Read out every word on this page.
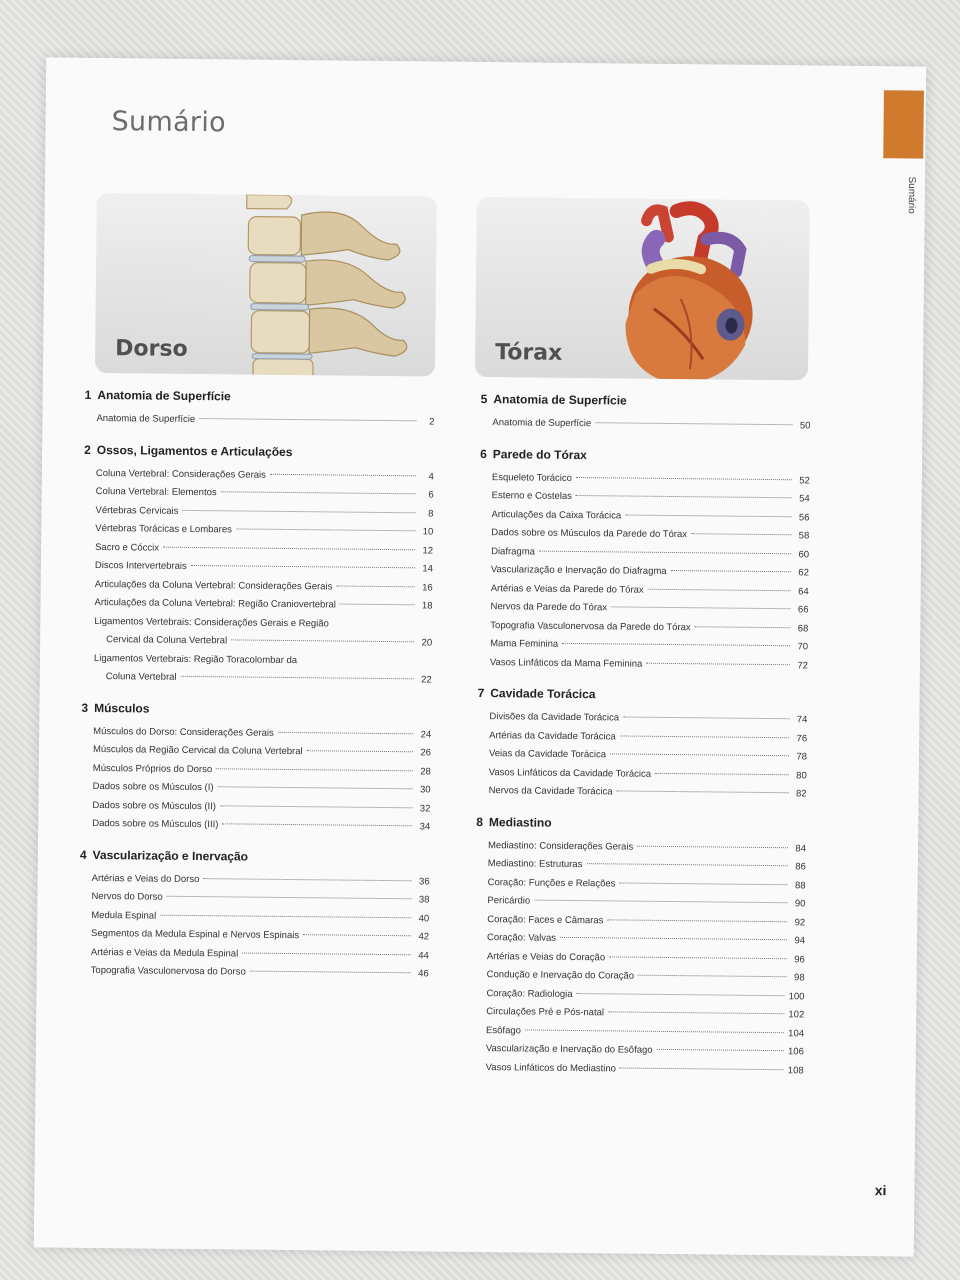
Sumário
Sumário
Dorso	Tórax
1 Anatomia de Superfície
Anatomia de Superfície	2
2 Ossos, Ligamentos e Articulações
Coluna Vertebral: Considerações Gerais	4
Coluna Vertebral: Elementos	6
Vértebras Cervicais	8
Vértebras Torácicas e Lombares	10
Sacro e Cóccix	12
Discos Intervertebrais	14
Articulações da Coluna Vertebral: Considerações Gerais	16
Articulações da Coluna Vertebral: Região Craniovertebral	18
Ligamentos Vertebrais: Considerações Gerais e Região
Cervical da Coluna Vertebral	20
Ligamentos Vertebrais: Região Toracolombar da
Coluna Vertebral	22
3 Músculos
Músculos do Dorso: Considerações Gerais	24
Músculos da Região Cervical da Coluna Vertebral	26
Músculos Próprios do Dorso	28
Dados sobre os Músculos (I)	30
Dados sobre os Músculos (II)	32
Dados sobre os Músculos (III)	34
4 Vascularização e Inervação
Artérias e Veias do Dorso	36
Nervos do Dorso	38
Medula Espinal	40
Segmentos da Medula Espinal e Nervos Espinais	42
Artérias e Veias da Medula Espinal	44
Topografia Vasculonervosa do Dorso	46
5 Anatomia de Superfície
Anatomia de Superfície	50
6 Parede do Tórax
Esqueleto Torácico	52
Esterno e Costelas	54
Articulações da Caixa Torácica	56
Dados sobre os Músculos da Parede do Tórax	58
Diafragma	60
Vascularização e Inervação do Diafragma	62
Artérias e Veias da Parede do Tórax	64
Nervos da Parede do Tórax	66
Topografia Vasculonervosa da Parede do Tórax	68
Mama Feminina	70
Vasos Linfáticos da Mama Feminina	72
7 Cavidade Torácica
Divisões da Cavidade Torácica	74
Artérias da Cavidade Torácica	76
Veias da Cavidade Torácica	78
Vasos Linfáticos da Cavidade Torácica	80
Nervos da Cavidade Torácica	82
8 Mediastino
Mediastino: Considerações Gerais	84
Mediastino: Estruturas	86
Coração: Funções e Relações	88
Pericárdio	90
Coração: Faces e Câmaras	92
Coração: Valvas	94
Artérias e Veias do Coração	96
Condução e Inervação do Coração	98
Coração: Radiologia	100
Circulações Pré e Pós-natal	102
Esôfago	104
Vascularização e Inervação do Esôfago	106
Vasos Linfáticos do Mediastino	108
xi
